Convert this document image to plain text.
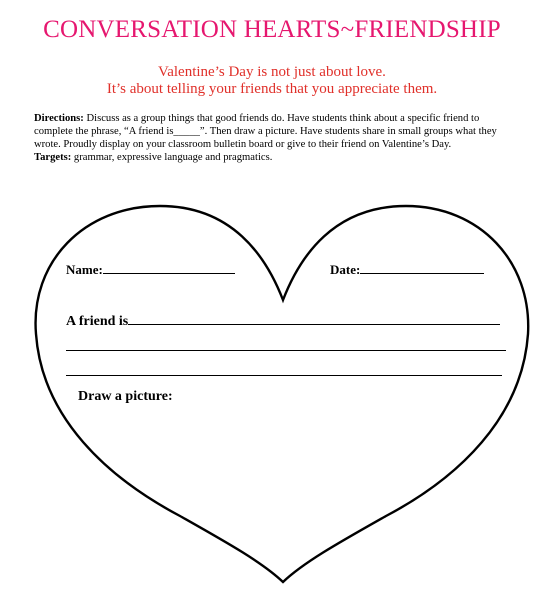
CONVERSATION HEARTS~FRIENDSHIP
Valentine’s Day is not just about love.
It’s about telling your friends that you appreciate them.

Directions: Discuss as a group things that good friends do. Have students think about a specific friend to complete the phrase, “A friend is_____”. Then draw a picture. Have students share in small groups what they wrote. Proudly display on your classroom bulletin board or give to their friend on Valentine’s Day.

Targets: grammar, expressive language and pragmatics.

Name:	Date:
A friend is
Draw a picture:
